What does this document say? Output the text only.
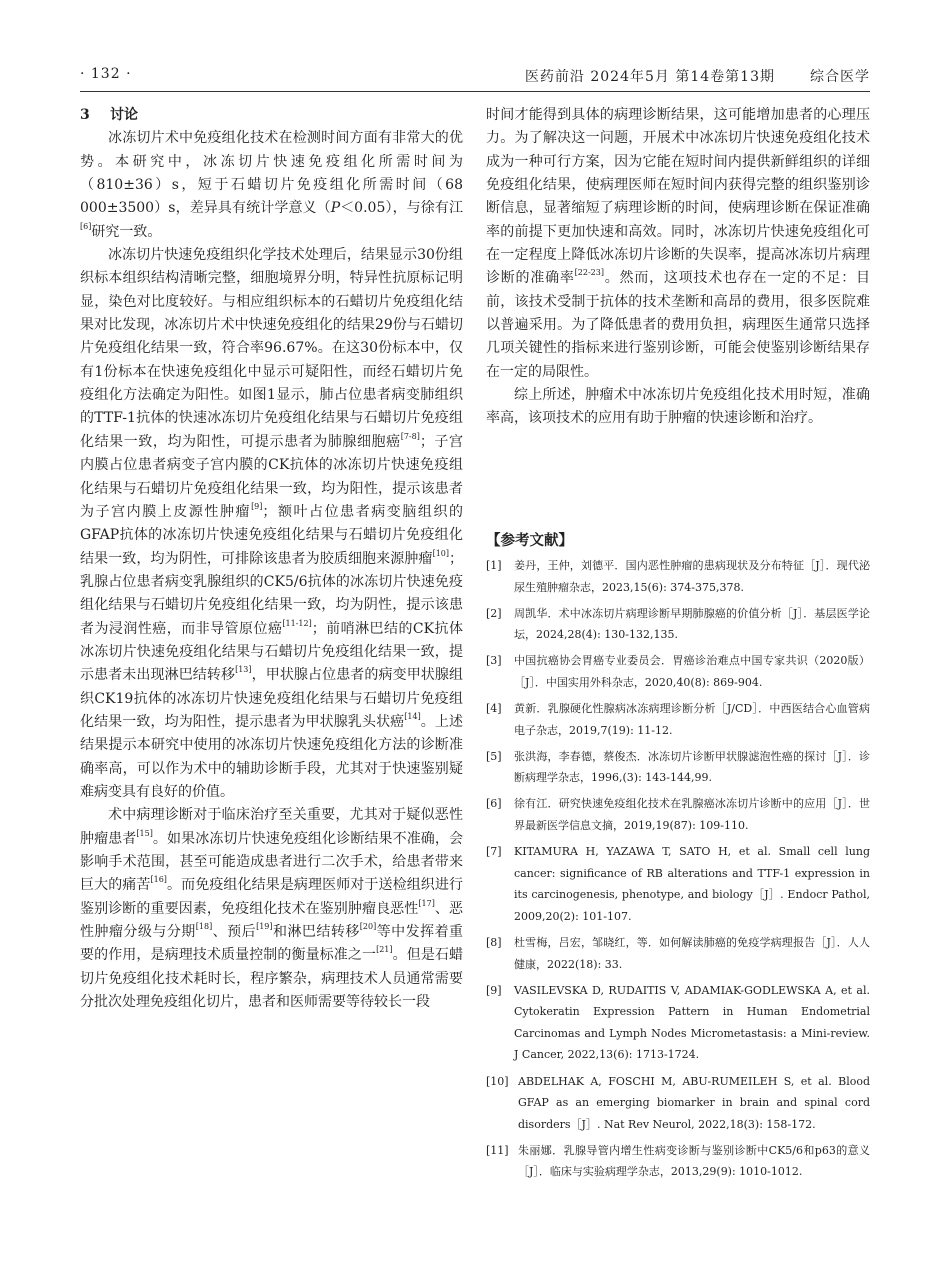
· 132 ·	医药前沿 2024年5月 第14卷第13期	综合医学
3 讨论

冰冻切片术中免疫组化技术在检测时间方面有非常大的优势。本研究中，冰冻切片快速免疫组化所需时间为（810±36）s，短于石蜡切片免疫组化所需时间（68 000±3500）s，差异具有统计学意义（P＜0.05），与徐有江[6]研究一致。

冰冻切片快速免疫组织化学技术处理后，结果显示30份组织标本组织结构清晰完整，细胞境界分明，特异性抗原标记明显，染色对比度较好。与相应组织标本的石蜡切片免疫组化结果对比发现，冰冻切片术中快速免疫组化的结果29份与石蜡切片免疫组化结果一致，符合率96.67%。在这30份标本中，仅有1份标本在快速免疫组化中显示可疑阳性，而经石蜡切片免疫组化方法确定为阳性。如图1显示，肺占位患者病变肺组织的TTF-1抗体的快速冰冻切片免疫组化结果与石蜡切片免疫组化结果一致，均为阳性，可提示患者为肺腺细胞癌[7-8]；子宫内膜占位患者病变子宫内膜的CK抗体的冰冻切片快速免疫组化结果与石蜡切片免疫组化结果一致，均为阳性，提示该患者为子宫内膜上皮源性肿瘤[9]；额叶占位患者病变脑组织的GFAP抗体的冰冻切片快速免疫组化结果与石蜡切片免疫组化结果一致，均为阴性，可排除该患者为胶质细胞来源肿瘤[10]；乳腺占位患者病变乳腺组织的CK5/6抗体的冰冻切片快速免疫组化结果与石蜡切片免疫组化结果一致，均为阴性，提示该患者为浸润性癌，而非导管原位癌[11-12]；前哨淋巴结的CK抗体冰冻切片快速免疫组化结果与石蜡切片免疫组化结果一致，提示患者未出现淋巴结转移[13]，甲状腺占位患者的病变甲状腺组织CK19抗体的冰冻切片快速免疫组化结果与石蜡切片免疫组化结果一致，均为阳性，提示患者为甲状腺乳头状癌[14]。上述结果提示本研究中使用的冰冻切片快速免疫组化方法的诊断准确率高，可以作为术中的辅助诊断手段，尤其对于快速鉴别疑难病变具有良好的价值。

术中病理诊断对于临床治疗至关重要，尤其对于疑似恶性肿瘤患者[15]。如果冰冻切片快速免疫组化诊断结果不准确，会影响手术范围，甚至可能造成患者进行二次手术，给患者带来巨大的痛苦[16]。而免疫组化结果是病理医师对于送检组织进行鉴别诊断的重要因素，免疫组化技术在鉴别肿瘤良恶性[17]、恶性肿瘤分级与分期[18]、预后[19]和淋巴结转移[20]等中发挥着重要的作用，是病理技术质量控制的衡量标准之一[21]。但是石蜡切片免疫组化技术耗时长，程序繁杂，病理技术人员通常需要分批次处理免疫组化切片，患者和医师需要等待较长一段

时间才能得到具体的病理诊断结果，这可能增加患者的心理压力。为了解决这一问题，开展术中冰冻切片快速免疫组化技术成为一种可行方案，因为它能在短时间内提供新鲜组织的详细免疫组化结果，使病理医师在短时间内获得完整的组织鉴别诊断信息，显著缩短了病理诊断的时间，使病理诊断在保证准确率的前提下更加快速和高效。同时，冰冻切片快速免疫组化可在一定程度上降低冰冻切片诊断的失误率，提高冰冻切片病理诊断的准确率[22-23]。然而，这项技术也存在一定的不足：目前，该技术受制于抗体的技术垄断和高昂的费用，很多医院难以普遍采用。为了降低患者的费用负担，病理医生通常只选择几项关键性的指标来进行鉴别诊断，可能会使鉴别诊断结果存在一定的局限性。

综上所述，肿瘤术中冰冻切片免疫组化技术用时短，准确率高，该项技术的应用有助于肿瘤的快速诊断和治疗。

【参考文献】
[1] 姜丹，王仲，刘德平．国内恶性肿瘤的患病现状及分布特征［J］．现代泌尿生殖肿瘤杂志，2023,15(6): 374-375,378.
[2] 周凯华．术中冰冻切片病理诊断早期肺腺癌的价值分析［J］．基层医学论坛，2024,28(4): 130-132,135.
[3] 中国抗癌协会胃癌专业委员会．胃癌诊治难点中国专家共识（2020版）［J］．中国实用外科杂志，2020,40(8): 869-904.
[4] 黄新．乳腺硬化性腺病冰冻病理诊断分析［J/CD］．中西医结合心血管病电子杂志，2019,7(19): 11-12.
[5] 张洪海，李春德，蔡俊杰．冰冻切片诊断甲状腺滤泡性癌的探讨［J］．诊断病理学杂志，1996,(3): 143-144,99.
[6] 徐有江．研究快速免疫组化技术在乳腺癌冰冻切片诊断中的应用［J］．世界最新医学信息文摘，2019,19(87): 109-110.
[7] KITAMURA H, YAZAWA T, SATO H, et al. Small cell lung cancer: significance of RB alterations and TTF-1 expression in its carcinogenesis, phenotype, and biology［J］. Endocr Pathol, 2009,20(2): 101-107.
[8] 杜雪梅，吕宏，邹晓红，等．如何解读肺癌的免疫学病理报告［J］．人人健康，2022(18): 33.
[9] VASILEVSKA D, RUDAITIS V, ADAMIAK-GODLEWSKA A, et al. Cytokeratin Expression Pattern in Human Endometrial Carcinomas and Lymph Nodes Micrometastasis: a Mini-review. J Cancer, 2022,13(6): 1713-1724.
[10] ABDELHAK A, FOSCHI M, ABU-RUMEILEH S, et al. Blood GFAP as an emerging biomarker in brain and spinal cord disorders［J］. Nat Rev Neurol, 2022,18(3): 158-172.
[11] 朱丽娜．乳腺导管内增生性病变诊断与鉴别诊断中CK5/6和p63的意义［J］．临床与实验病理学杂志，2013,29(9): 1010-1012.
